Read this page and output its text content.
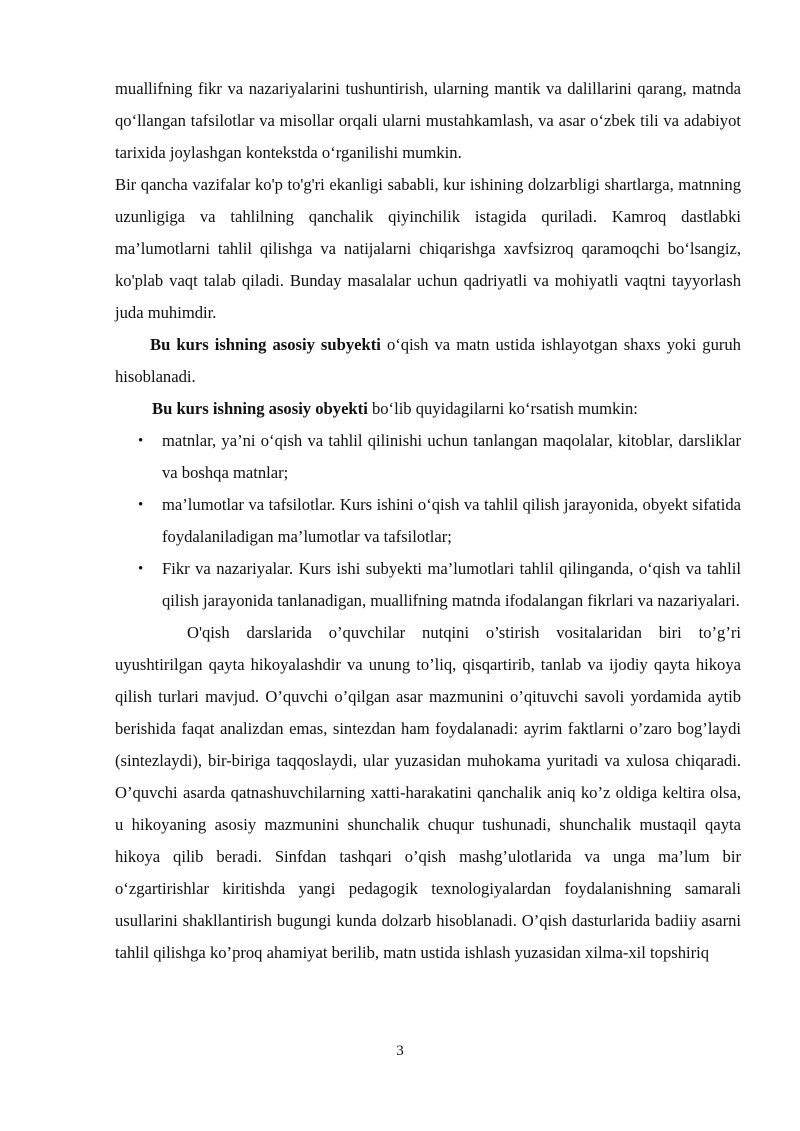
muallifning fikr va nazariyalarini tushuntirish, ularning mantik va dalillarini qarang, matnda qo‘llangan tafsilotlar va misollar orqali ularni mustahkamlash, va asar o‘zbek tili va adabiyot tarixida joylashgan kontekstda o‘rganilishi mumkin.

Bir qancha vazifalar ko'p to'g'ri ekanligi sababli, kur ishining dolzarbligi shartlarga, matnning uzunligiga va tahlilning qanchalik qiyinchilik istagida quriladi. Kamroq dastlabki ma’lumotlarni tahlil qilishga va natijalarni chiqarishga xavfsizroq qaramoqchi bo‘lsangiz, ko'plab vaqt talab qiladi. Bunday masalalar uchun qadriyatli va mohiyatli vaqtni tayyorlash juda muhimdir.

Bu kurs ishning asosiy subyekti o‘qish va matn ustida ishlayotgan shaxs yoki guruh hisoblanadi.

Bu kurs ishning asosiy obyekti bo‘lib quyidagilarni ko‘rsatish mumkin:

• matnlar, ya’ni o‘qish va tahlil qilinishi uchun tanlangan maqolalar, kitoblar, darsliklar va boshqa matnlar;
• ma’lumotlar va tafsilotlar. Kurs ishini o‘qish va tahlil qilish jarayonida, obyekt sifatida foydalaniladigan ma’lumotlar va tafsilotlar;
• Fikr va nazariyalar. Kurs ishi subyekti ma’lumotlari tahlil qilinganda, o‘qish va tahlil qilish jarayonida tanlanadigan, muallifning matnda ifodalangan fikrlari va nazariyalari.

O'qish darslarida o’quvchilar nutqini o’stirish vositalaridan biri to’g’ri uyushtirilgan qayta hikoyalashdir va unung to’liq, qisqartirib, tanlab va ijodiy qayta hikoya qilish turlari mavjud. O’quvchi o’qilgan asar mazmunini o’qituvchi savoli yordamida aytib berishida faqat analizdan emas, sintezdan ham foydalanadi: ayrim faktlarni o’zaro bog’laydi (sintezlaydi), bir-biriga taqqoslaydi, ular yuzasidan muhokama yuritadi va xulosa chiqaradi. O’quvchi asarda qatnashuvchilarning xatti-harakatini qanchalik aniq ko’z oldiga keltira olsa, u hikoyaning asosiy mazmunini shunchalik chuqur tushunadi, shunchalik mustaqil qayta hikoya qilib beradi. Sinfdan tashqari o’qish mashg’ulotlarida va unga ma’lum bir o‘zgartirishlar kiritishda yangi pedagogik texnologiyalardan foydalanishning samarali usullarini shakllantirish bugungi kunda dolzarb hisoblanadi. O’qish dasturlarida badiiy asarni tahlil qilishga ko’proq ahamiyat berilib, matn ustida ishlash yuzasidan xilma-xil topshiriq

3
